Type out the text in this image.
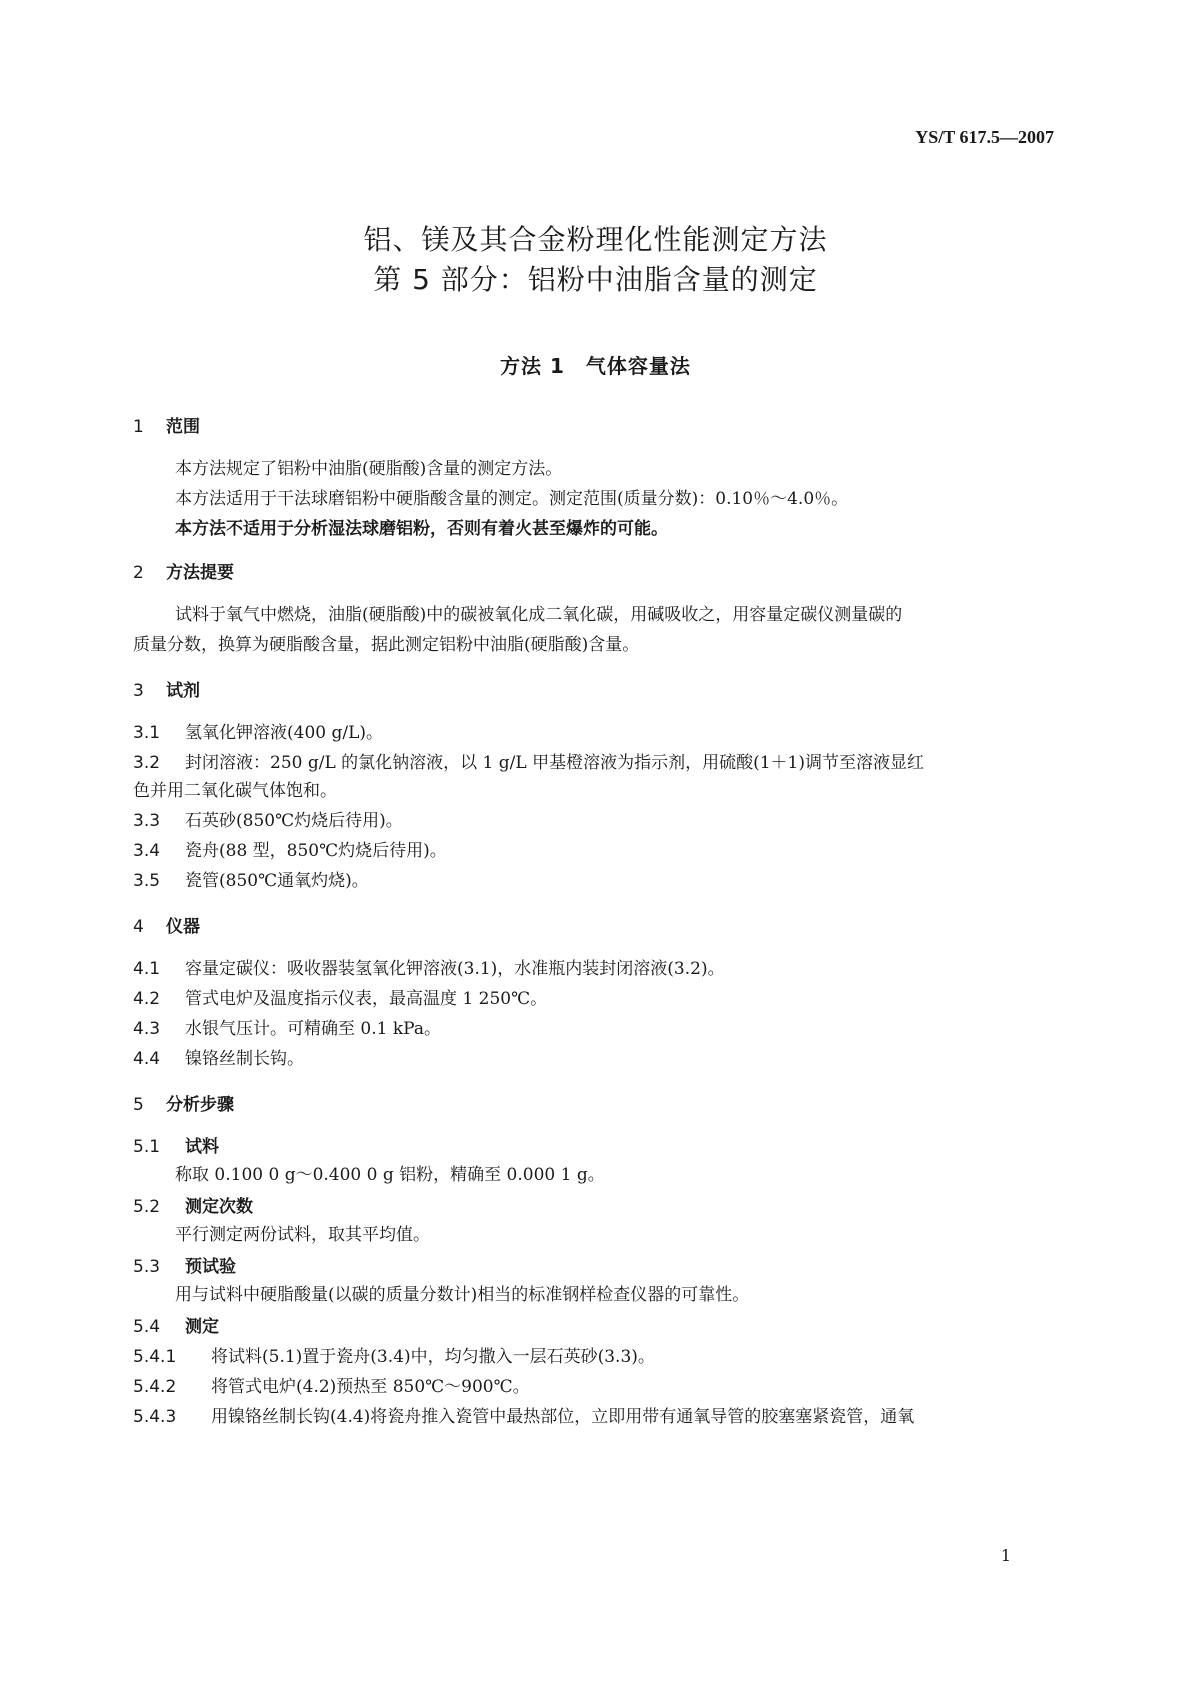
YS/T 617.5—2007
铝、镁及其合金粉理化性能测定方法
第 5 部分：铝粉中油脂含量的测定
方法 1　气体容量法
1 范围
本方法规定了铝粉中油脂(硬脂酸)含量的测定方法。
本方法适用于干法球磨铝粉中硬脂酸含量的测定。测定范围(质量分数)：0.10％～4.0％。
本方法不适用于分析湿法球磨铝粉，否则有着火甚至爆炸的可能。
2 方法提要
试料于氧气中燃烧，油脂(硬脂酸)中的碳被氧化成二氧化碳，用碱吸收之，用容量定碳仪测量碳的
质量分数，换算为硬脂酸含量，据此测定铝粉中油脂(硬脂酸)含量。
3 试剂
3.1 氢氧化钾溶液(400 g/L)。
3.2 封闭溶液：250 g/L 的氯化钠溶液，以 1 g/L 甲基橙溶液为指示剂，用硫酸(1＋1)调节至溶液显红
色并用二氧化碳气体饱和。
3.3 石英砂(850℃灼烧后待用)。
3.4 瓷舟(88 型，850℃灼烧后待用)。
3.5 瓷管(850℃通氧灼烧)。
4 仪器
4.1 容量定碳仪：吸收器装氢氧化钾溶液(3.1)，水准瓶内装封闭溶液(3.2)。
4.2 管式电炉及温度指示仪表，最高温度 1 250℃。
4.3 水银气压计。可精确至 0.1 kPa。
4.4 镍铬丝制长钩。
5 分析步骤
5.1 试料
称取 0.100 0 g～0.400 0 g 铝粉，精确至 0.000 1 g。
5.2 测定次数
平行测定两份试料，取其平均值。
5.3 预试验
用与试料中硬脂酸量(以碳的质量分数计)相当的标准钢样检查仪器的可靠性。
5.4 测定
5.4.1 将试料(5.1)置于瓷舟(3.4)中，均匀撒入一层石英砂(3.3)。
5.4.2 将管式电炉(4.2)预热至 850℃～900℃。
5.4.3 用镍铬丝制长钩(4.4)将瓷舟推入瓷管中最热部位，立即用带有通氧导管的胶塞塞紧瓷管，通氧
1
